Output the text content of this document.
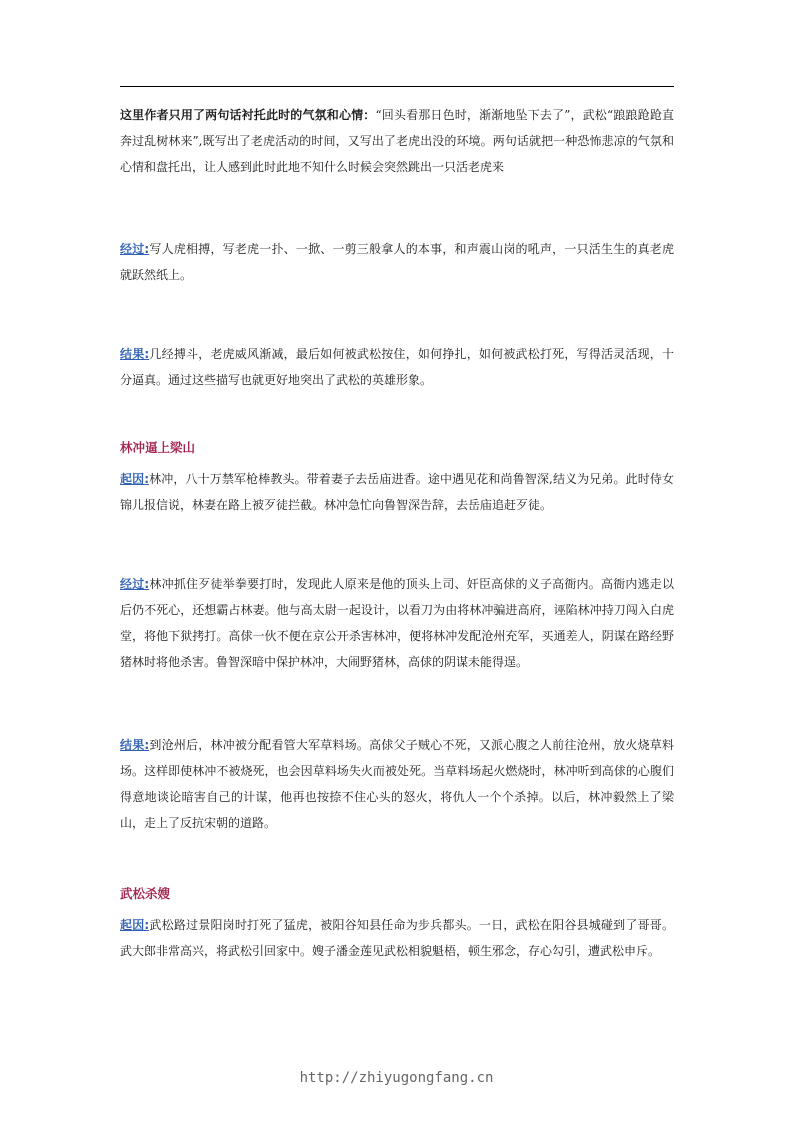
这里作者只用了两句话衬托此时的气氛和心情：“回头看那日色时，渐渐地坠下去了”，武松“踉踉跄跄直奔过乱树林来”,既写出了老虎活动的时间，又写出了老虎出没的环境。两句话就把一种恐怖悲凉的气氛和心情和盘托出，让人感到此时此地不知什么时候会突然跳出一只活老虎来
经过:写人虎相搏，写老虎一扑、一掀、一剪三般拿人的本事，和声震山岗的吼声，一只活生生的真老虎就跃然纸上。
结果:几经搏斗，老虎威风渐减，最后如何被武松按住，如何挣扎，如何被武松打死，写得活灵活现，十分逼真。通过这些描写也就更好地突出了武松的英雄形象。
林冲逼上梁山
起因:林冲，八十万禁军枪棒教头。带着妻子去岳庙进香。途中遇见花和尚鲁智深,结义为兄弟。此时侍女锦儿报信说，林妻在路上被歹徒拦截。林冲急忙向鲁智深告辞，去岳庙追赶歹徒。
经过:林冲抓住歹徒举拳要打时，发现此人原来是他的顶头上司、奸臣高俅的义子高衙内。高衙内逃走以后仍不死心，还想霸占林妻。他与高太尉一起设计，以看刀为由将林冲骗进高府，诬陷林冲持刀闯入白虎堂，将他下狱拷打。高俅一伙不便在京公开杀害林冲，便将林冲发配沧州充军，买通差人，阴谋在路经野猪林时将他杀害。鲁智深暗中保护林冲，大闹野猪林，高俅的阴谋未能得逞。
结果:到沧州后，林冲被分配看管大军草料场。高俅父子贼心不死，又派心腹之人前往沧州，放火烧草料场。这样即使林冲不被烧死，也会因草料场失火而被处死。当草料场起火燃烧时，林冲听到高俅的心腹们得意地谈论暗害自己的计谋，他再也按捺不住心头的怒火，将仇人一个个杀掉。以后，林冲毅然上了梁山，走上了反抗宋朝的道路。
武松杀嫂
起因:武松路过景阳岗时打死了猛虎，被阳谷知县任命为步兵都头。一日，武松在阳谷县城碰到了哥哥。武大郎非常高兴，将武松引回家中。嫂子潘金莲见武松相貌魁梧，顿生邪念，存心勾引，遭武松申斥。
http://zhiyugongfang.cn
